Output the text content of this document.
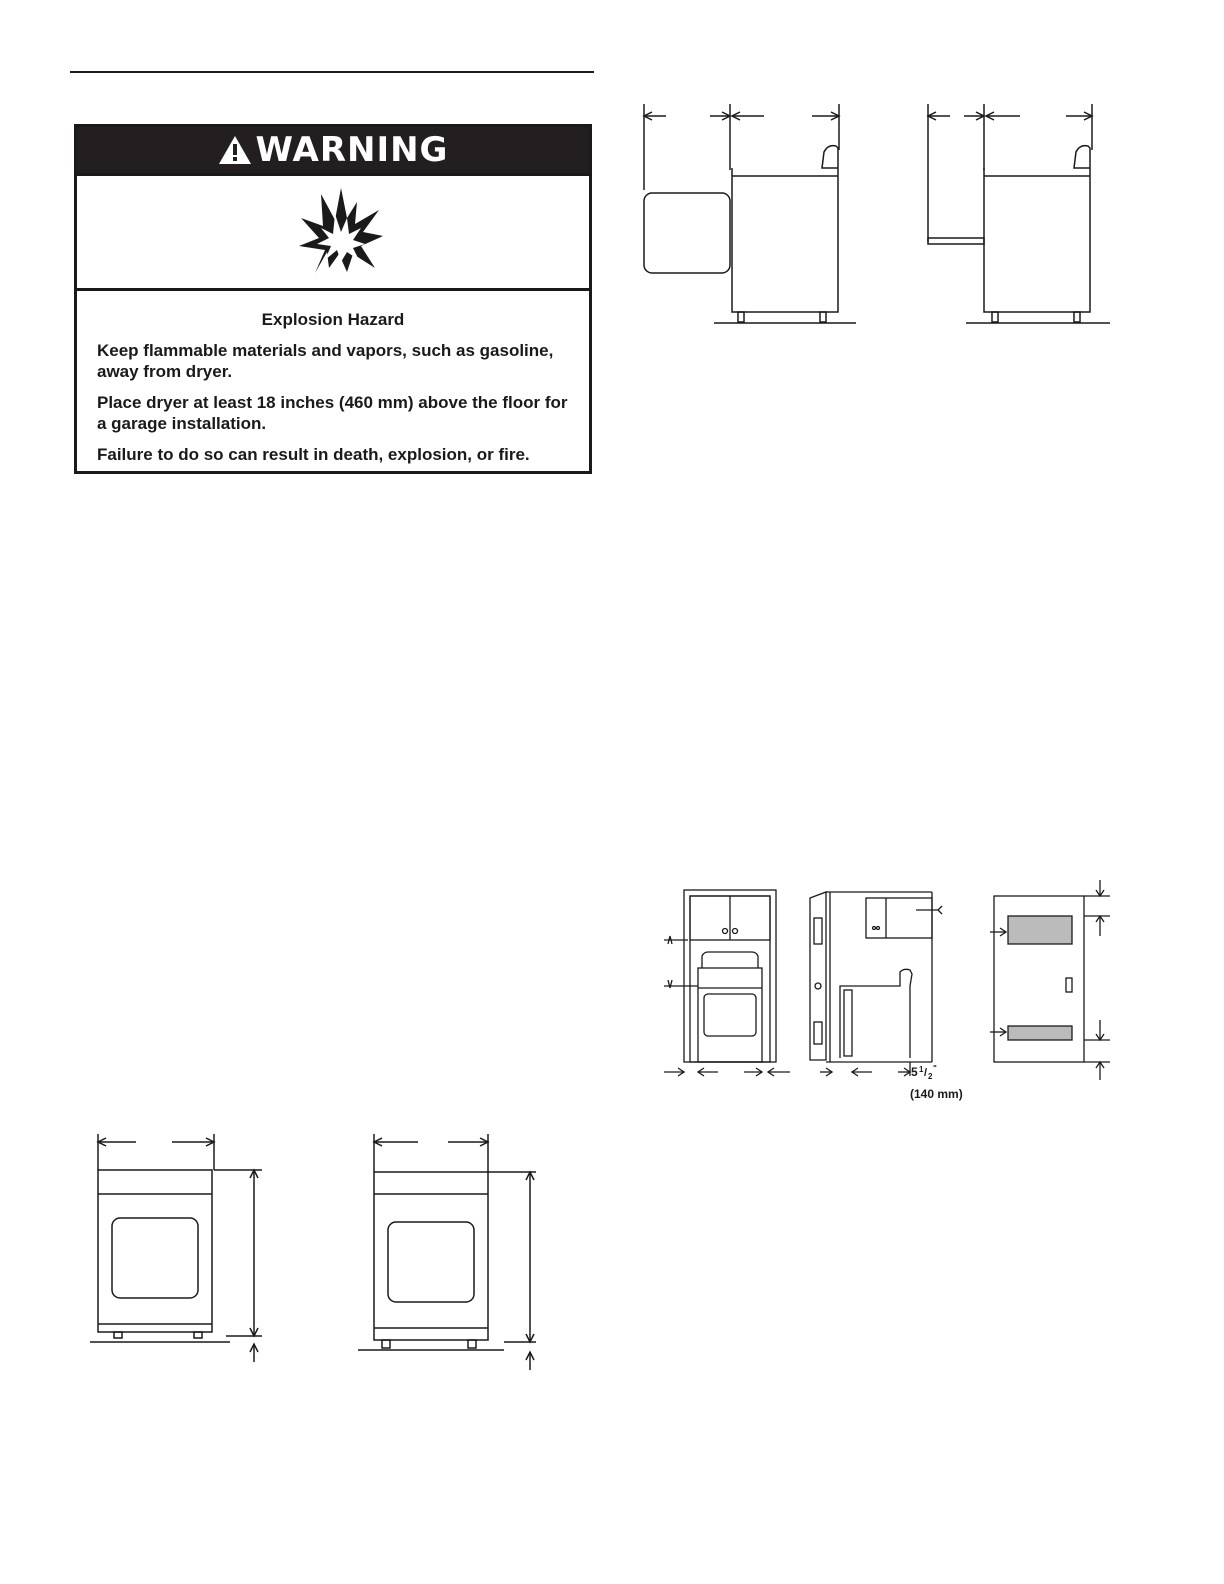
WARNING
Explosion Hazard

Keep flammable materials and vapors, such as gasoline, away from dryer.

Place dryer at least 18 inches (460 mm) above the floor for a garage installation.

Failure to do so can result in death, explosion, or fire.

5 1 / 2
"
(140 mm)
